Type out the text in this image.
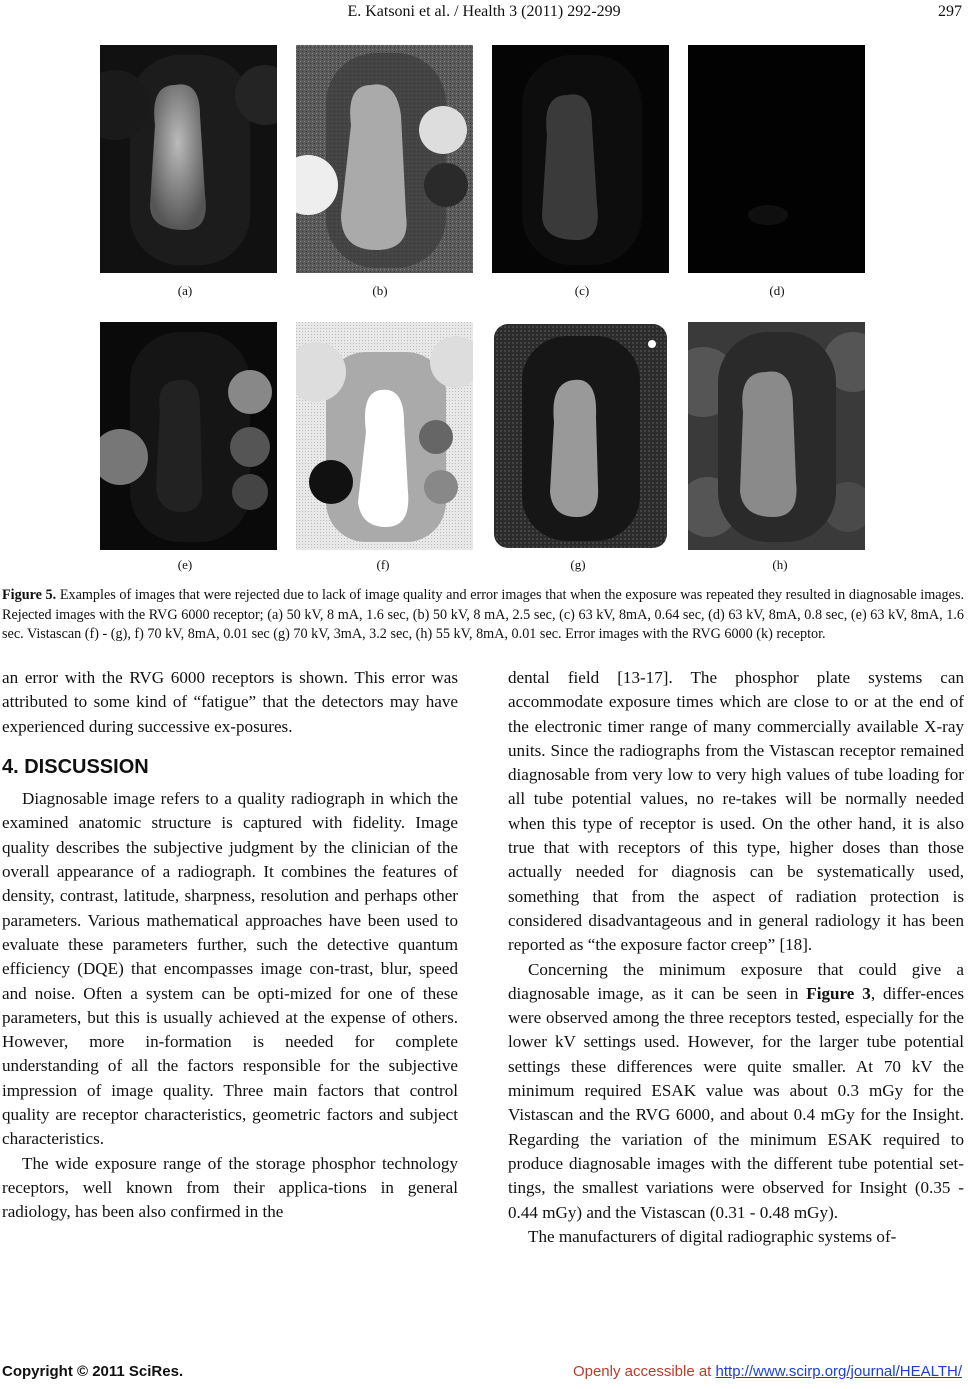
E. Katsoni et al. / Health 3 (2011) 292-299	297
(a)	(b)	(c)	(d)
(e)	(f)	(g)	(h)
Figure 5. Examples of images that were rejected due to lack of image quality and error images that when the exposure was repeated they resulted in diagnosable images. Rejected images with the RVG 6000 receptor; (a) 50 kV, 8 mA, 1.6 sec, (b) 50 kV, 8 mA, 2.5 sec, (c) 63 kV, 8mA, 0.64 sec, (d) 63 kV, 8mA, 0.8 sec, (e) 63 kV, 8mA, 1.6 sec. Vistascan (f) - (g), f) 70 kV, 8mA, 0.01 sec (g) 70 kV, 3mA, 3.2 sec, (h) 55 kV, 8mA, 0.01 sec. Error images with the RVG 6000 (k) receptor.

an error with the RVG 6000 receptors is shown. This error was attributed to some kind of “fatigue” that the detectors may have experienced during successive ex-posures.

4. DISCUSSION

Diagnosable image refers to a quality radiograph in which the examined anatomic structure is captured with fidelity. Image quality describes the subjective judgment by the clinician of the overall appearance of a radiograph. It combines the features of density, contrast, latitude, sharpness, resolution and perhaps other parameters. Various mathematical approaches have been used to evaluate these parameters further, such the detective quantum efficiency (DQE) that encompasses image con-trast, blur, speed and noise. Often a system can be opti-mized for one of these parameters, but this is usually achieved at the expense of others. However, more in-formation is needed for complete understanding of all the factors responsible for the subjective impression of image quality. Three main factors that control quality are receptor characteristics, geometric factors and subject characteristics.

The wide exposure range of the storage phosphor technology receptors, well known from their applica-tions in general radiology, has been also confirmed in the

dental field [13-17]. The phosphor plate systems can accommodate exposure times which are close to or at the end of the electronic timer range of many commercially available X-ray units. Since the radiographs from the Vistascan receptor remained diagnosable from very low to very high values of tube loading for all tube potential values, no re-takes will be normally needed when this type of receptor is used. On the other hand, it is also true that with receptors of this type, higher doses than those actually needed for diagnosis can be systematically used, something that from the aspect of radiation protection is considered disadvantageous and in general radiology it has been reported as “the exposure factor creep” [18].

Concerning the minimum exposure that could give a diagnosable image, as it can be seen in Figure 3, differ-ences were observed among the three receptors tested, especially for the lower kV settings used. However, for the larger tube potential settings these differences were quite smaller. At 70 kV the minimum required ESAK value was about 0.3 mGy for the Vistascan and the RVG 6000, and about 0.4 mGy for the Insight. Regarding the variation of the minimum ESAK required to produce diagnosable images with the different tube potential set-tings, the smallest variations were observed for Insight (0.35 - 0.44 mGy) and the Vistascan (0.31 - 0.48 mGy).

The manufacturers of digital radiographic systems of-

Copyright © 2011 SciRes.	Openly accessible at http://www.scirp.org/journal/HEALTH/
